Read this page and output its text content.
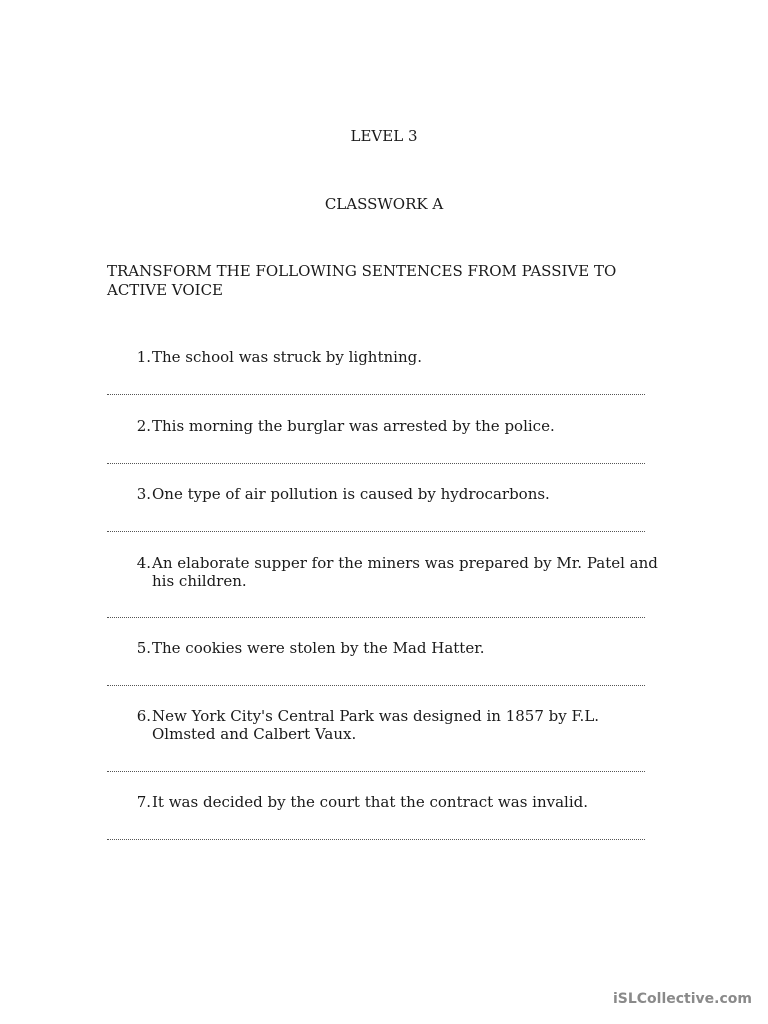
LEVEL 3
CLASSWORK A
TRANSFORM THE FOLLOWING SENTENCES FROM PASSIVE TO ACTIVE VOICE
1. The school was struck by lightning.
2. This morning the burglar was arrested by the police.
3. One type of air pollution is caused by hydrocarbons.
4. An elaborate supper for the miners was prepared by Mr. Patel and his children.
5. The cookies were stolen by the Mad Hatter.
6. New York City's Central Park was designed in 1857 by F.L. Olmsted and Calbert Vaux.
7. It was decided by the court that the contract was invalid.
iSLCollective.com
